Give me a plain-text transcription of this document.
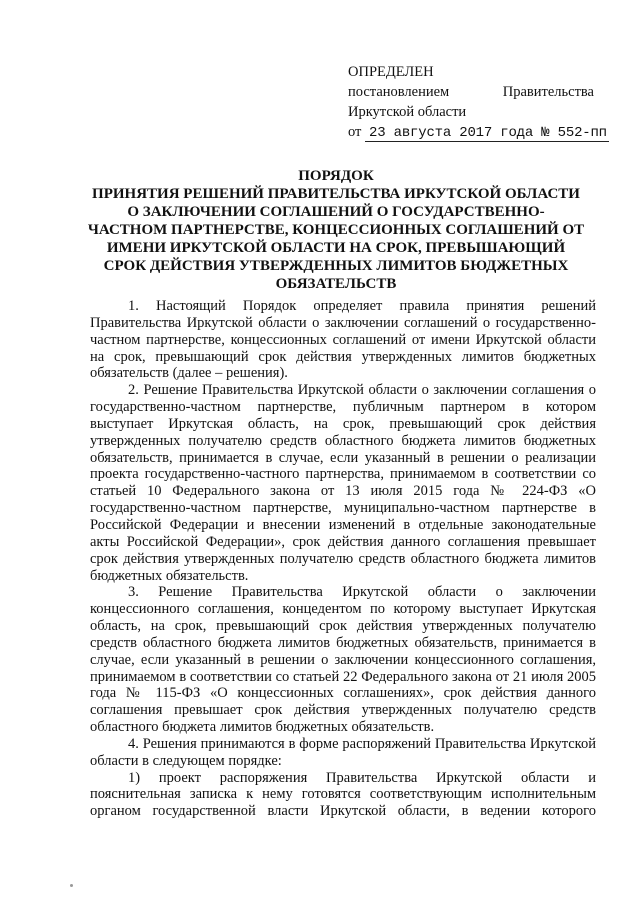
ОПРЕДЕЛЕН
постановлением	Правительства
Иркутской области
от 23 августа 2017 года № 552-пп
ПОРЯДОК
ПРИНЯТИЯ РЕШЕНИЙ ПРАВИТЕЛЬСТВА ИРКУТСКОЙ ОБЛАСТИ
О ЗАКЛЮЧЕНИИ СОГЛАШЕНИЙ О ГОСУДАРСТВЕННО-
ЧАСТНОМ ПАРТНЕРСТВЕ, КОНЦЕССИОННЫХ СОГЛАШЕНИЙ ОТ
ИМЕНИ ИРКУТСКОЙ ОБЛАСТИ НА СРОК, ПРЕВЫШАЮЩИЙ
СРОК ДЕЙСТВИЯ УТВЕРЖДЕННЫХ ЛИМИТОВ БЮДЖЕТНЫХ
ОБЯЗАТЕЛЬСТВ

1. Настоящий Порядок определяет правила принятия решений Правительства Иркутской области о заключении соглашений о государственно-частном партнерстве, концессионных соглашений от имени Иркутской области на срок, превышающий срок действия утвержденных лимитов бюджетных обязательств (далее – решения).

2. Решение Правительства Иркутской области о заключении соглашения о государственно-частном партнерстве, публичным партнером в котором выступает Иркутская область, на срок, превышающий срок действия утвержденных получателю средств областного бюджета лимитов бюджетных обязательств, принимается в случае, если указанный в решении о реализации проекта государственно-частного партнерства, принимаемом в соответствии со статьей 10 Федерального закона от 13 июля 2015 года № 224-ФЗ «О государственно-частном партнерстве, муниципально-частном партнерстве в Российской Федерации и внесении изменений в отдельные законодательные акты Российской Федерации», срок действия данного соглашения превышает срок действия утвержденных получателю средств областного бюджета лимитов бюджетных обязательств.

3. Решение Правительства Иркутской области о заключении концессионного соглашения, концедентом по которому выступает Иркутская область, на срок, превышающий срок действия утвержденных получателю средств областного бюджета лимитов бюджетных обязательств, принимается в случае, если указанный в решении о заключении концессионного соглашения, принимаемом в соответствии со статьей 22 Федерального закона от 21 июля 2005 года № 115-ФЗ «О концессионных соглашениях», срок действия данного соглашения превышает срок действия утвержденных получателю средств областного бюджета лимитов бюджетных обязательств.

4. Решения принимаются в форме распоряжений Правительства Иркутской области в следующем порядке:

1) проект распоряжения Правительства Иркутской области и пояснительная записка к нему готовятся соответствующим исполнительным органом государственной власти Иркутской области, в ведении которого
